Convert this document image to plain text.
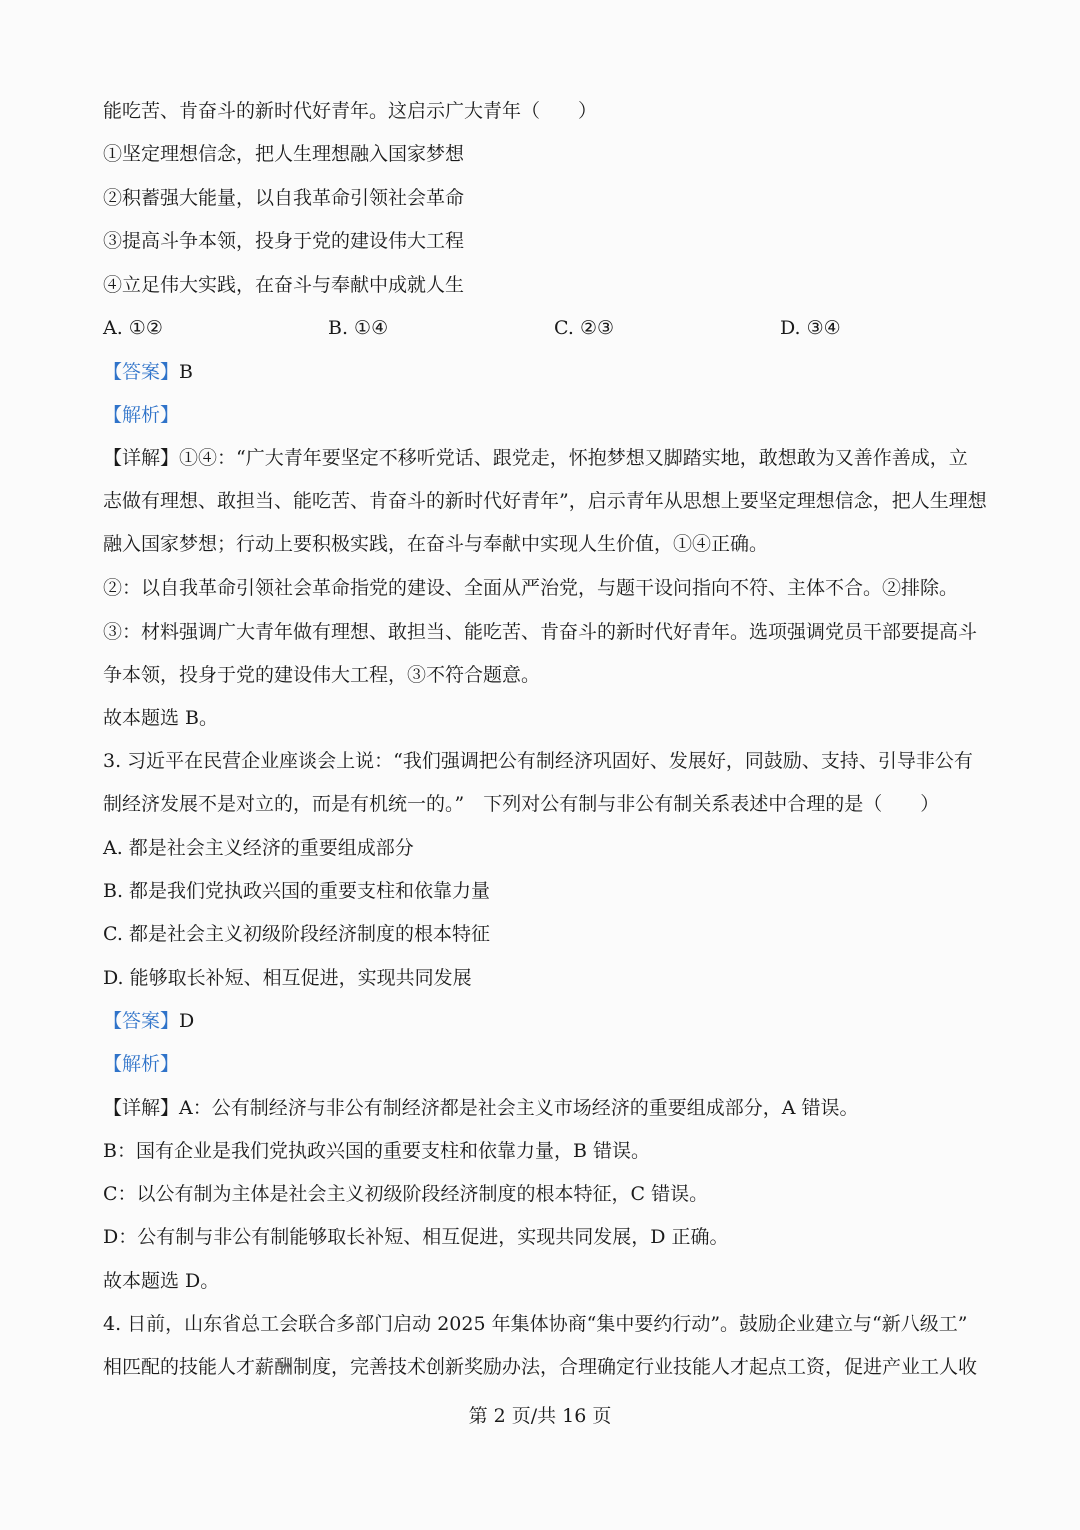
能吃苦、肯奋斗的新时代好青年。这启示广大青年（　　）
①坚定理想信念，把人生理想融入国家梦想
②积蓄强大能量，以自我革命引领社会革命
③提高斗争本领，投身于党的建设伟大工程
④立足伟大实践，在奋斗与奉献中成就人生
A. ①②	B. ①④	C. ②③	D. ③④
【答案】B
【解析】
【详解】①④：“广大青年要坚定不移听党话、跟党走，怀抱梦想又脚踏实地，敢想敢为又善作善成，立
志做有理想、敢担当、能吃苦、肯奋斗的新时代好青年”，启示青年从思想上要坚定理想信念，把人生理想
融入国家梦想；行动上要积极实践，在奋斗与奉献中实现人生价值，①④正确。
②：以自我革命引领社会革命指党的建设、全面从严治党，与题干设问指向不符、主体不合。②排除。
③：材料强调广大青年做有理想、敢担当、能吃苦、肯奋斗的新时代好青年。选项强调党员干部要提高斗
争本领，投身于党的建设伟大工程，③不符合题意。
故本题选 B。
3. 习近平在民营企业座谈会上说：“我们强调把公有制经济巩固好、发展好，同鼓励、支持、引导非公有
制经济发展不是对立的，而是有机统一的。”　下列对公有制与非公有制关系表述中合理的是（　　）
A. 都是社会主义经济的重要组成部分
B. 都是我们党执政兴国的重要支柱和依靠力量
C. 都是社会主义初级阶段经济制度的根本特征
D. 能够取长补短、相互促进，实现共同发展
【答案】D
【解析】
【详解】A：公有制经济与非公有制经济都是社会主义市场经济的重要组成部分，A 错误。
B：国有企业是我们党执政兴国的重要支柱和依靠力量，B 错误。
C：以公有制为主体是社会主义初级阶段经济制度的根本特征，C 错误。
D：公有制与非公有制能够取长补短、相互促进，实现共同发展，D 正确。
故本题选 D。
4. 日前，山东省总工会联合多部门启动 2025 年集体协商“集中要约行动”。鼓励企业建立与“新八级工”
相匹配的技能人才薪酬制度，完善技术创新奖励办法，合理确定行业技能人才起点工资，促进产业工人收
第 2 页/共 16 页
